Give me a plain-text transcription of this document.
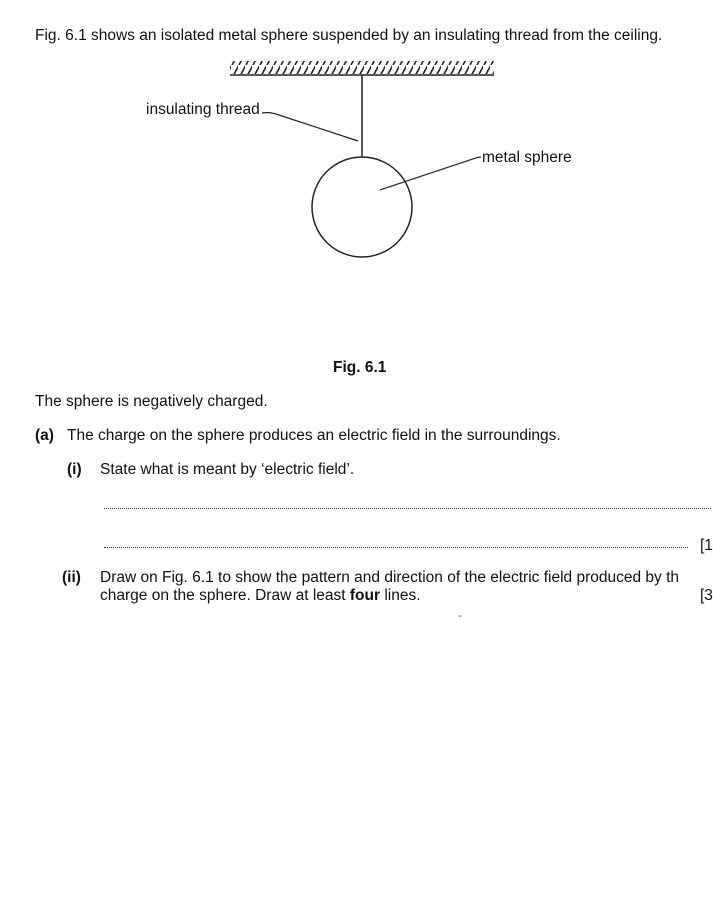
Fig. 6.1 shows an isolated metal sphere suspended by an insulating thread from the ceiling.
insulating thread
metal sphere
Fig. 6.1
The sphere is negatively charged.
(a) The charge on the sphere produces an electric field in the surroundings.
(i) State what is meant by ‘electric field’.
[1
(ii) Draw on Fig. 6.1 to show the pattern and direction of the electric field produced by th
charge on the sphere. Draw at least four lines.	[3
-
